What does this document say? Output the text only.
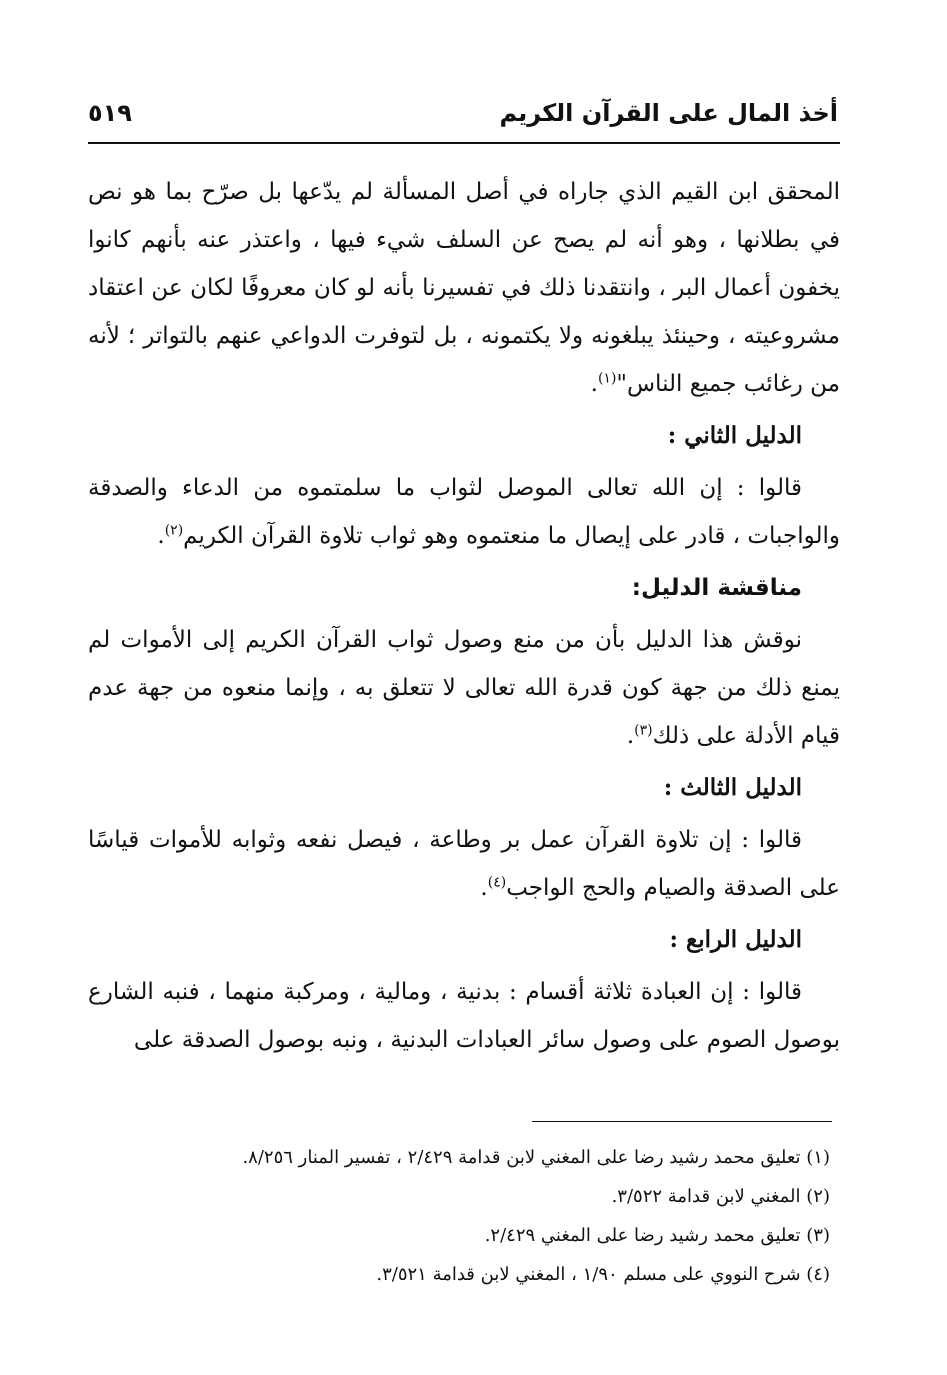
أخذ المال على القرآن الكريم
٥١٩

المحقق ابن القيم الذي جاراه في أصل المسألة لم يدّعها بل صرّح بما هو نص في بطلانها ، وهو أنه لم يصح عن السلف شيء فيها ، واعتذر عنه بأنهم كانوا يخفون أعمال البر ، وانتقدنا ذلك في تفسيرنا بأنه لو كان معروفًا لكان عن اعتقاد مشروعيته ، وحينئذ يبلغونه ولا يكتمونه ، بل لتوفرت الدواعي عنهم بالتواتر ؛ لأنه من رغائب جميع الناس"$^{(١)}$.

الدليل الثاني :

قالوا : إن الله تعالى الموصل لثواب ما سلمتموه من الدعاء والصدقة والواجبات ، قادر على إيصال ما منعتموه وهو ثواب تلاوة القرآن الكريم$^{(٢)}$.

مناقشة الدليل:

نوقش هذا الدليل بأن من منع وصول ثواب القرآن الكريم إلى الأموات لم يمنع ذلك من جهة كون قدرة الله تعالى لا تتعلق به ، وإنما منعوه من جهة عدم قيام الأدلة على ذلك$^{(٣)}$.

الدليل الثالث :

قالوا : إن تلاوة القرآن عمل بر وطاعة ، فيصل نفعه وثوابه للأموات قياسًا على الصدقة والصيام والحج الواجب$^{(٤)}$.

الدليل الرابع :

قالوا : إن العبادة ثلاثة أقسام : بدنية ، ومالية ، ومركبة منهما ، فنبه الشارع بوصول الصوم على وصول سائر العبادات البدنية ، ونبه بوصول الصدقة على

(١) تعليق محمد رشيد رضا على المغني لابن قدامة ٢/٤٢٩ ، تفسير المنار ٨/٢٥٦.
(٢) المغني لابن قدامة ٣/٥٢٢.
(٣) تعليق محمد رشيد رضا على المغني ٢/٤٢٩.
(٤) شرح النووي على مسلم ١/٩٠ ، المغني لابن قدامة ٣/٥٢١.
